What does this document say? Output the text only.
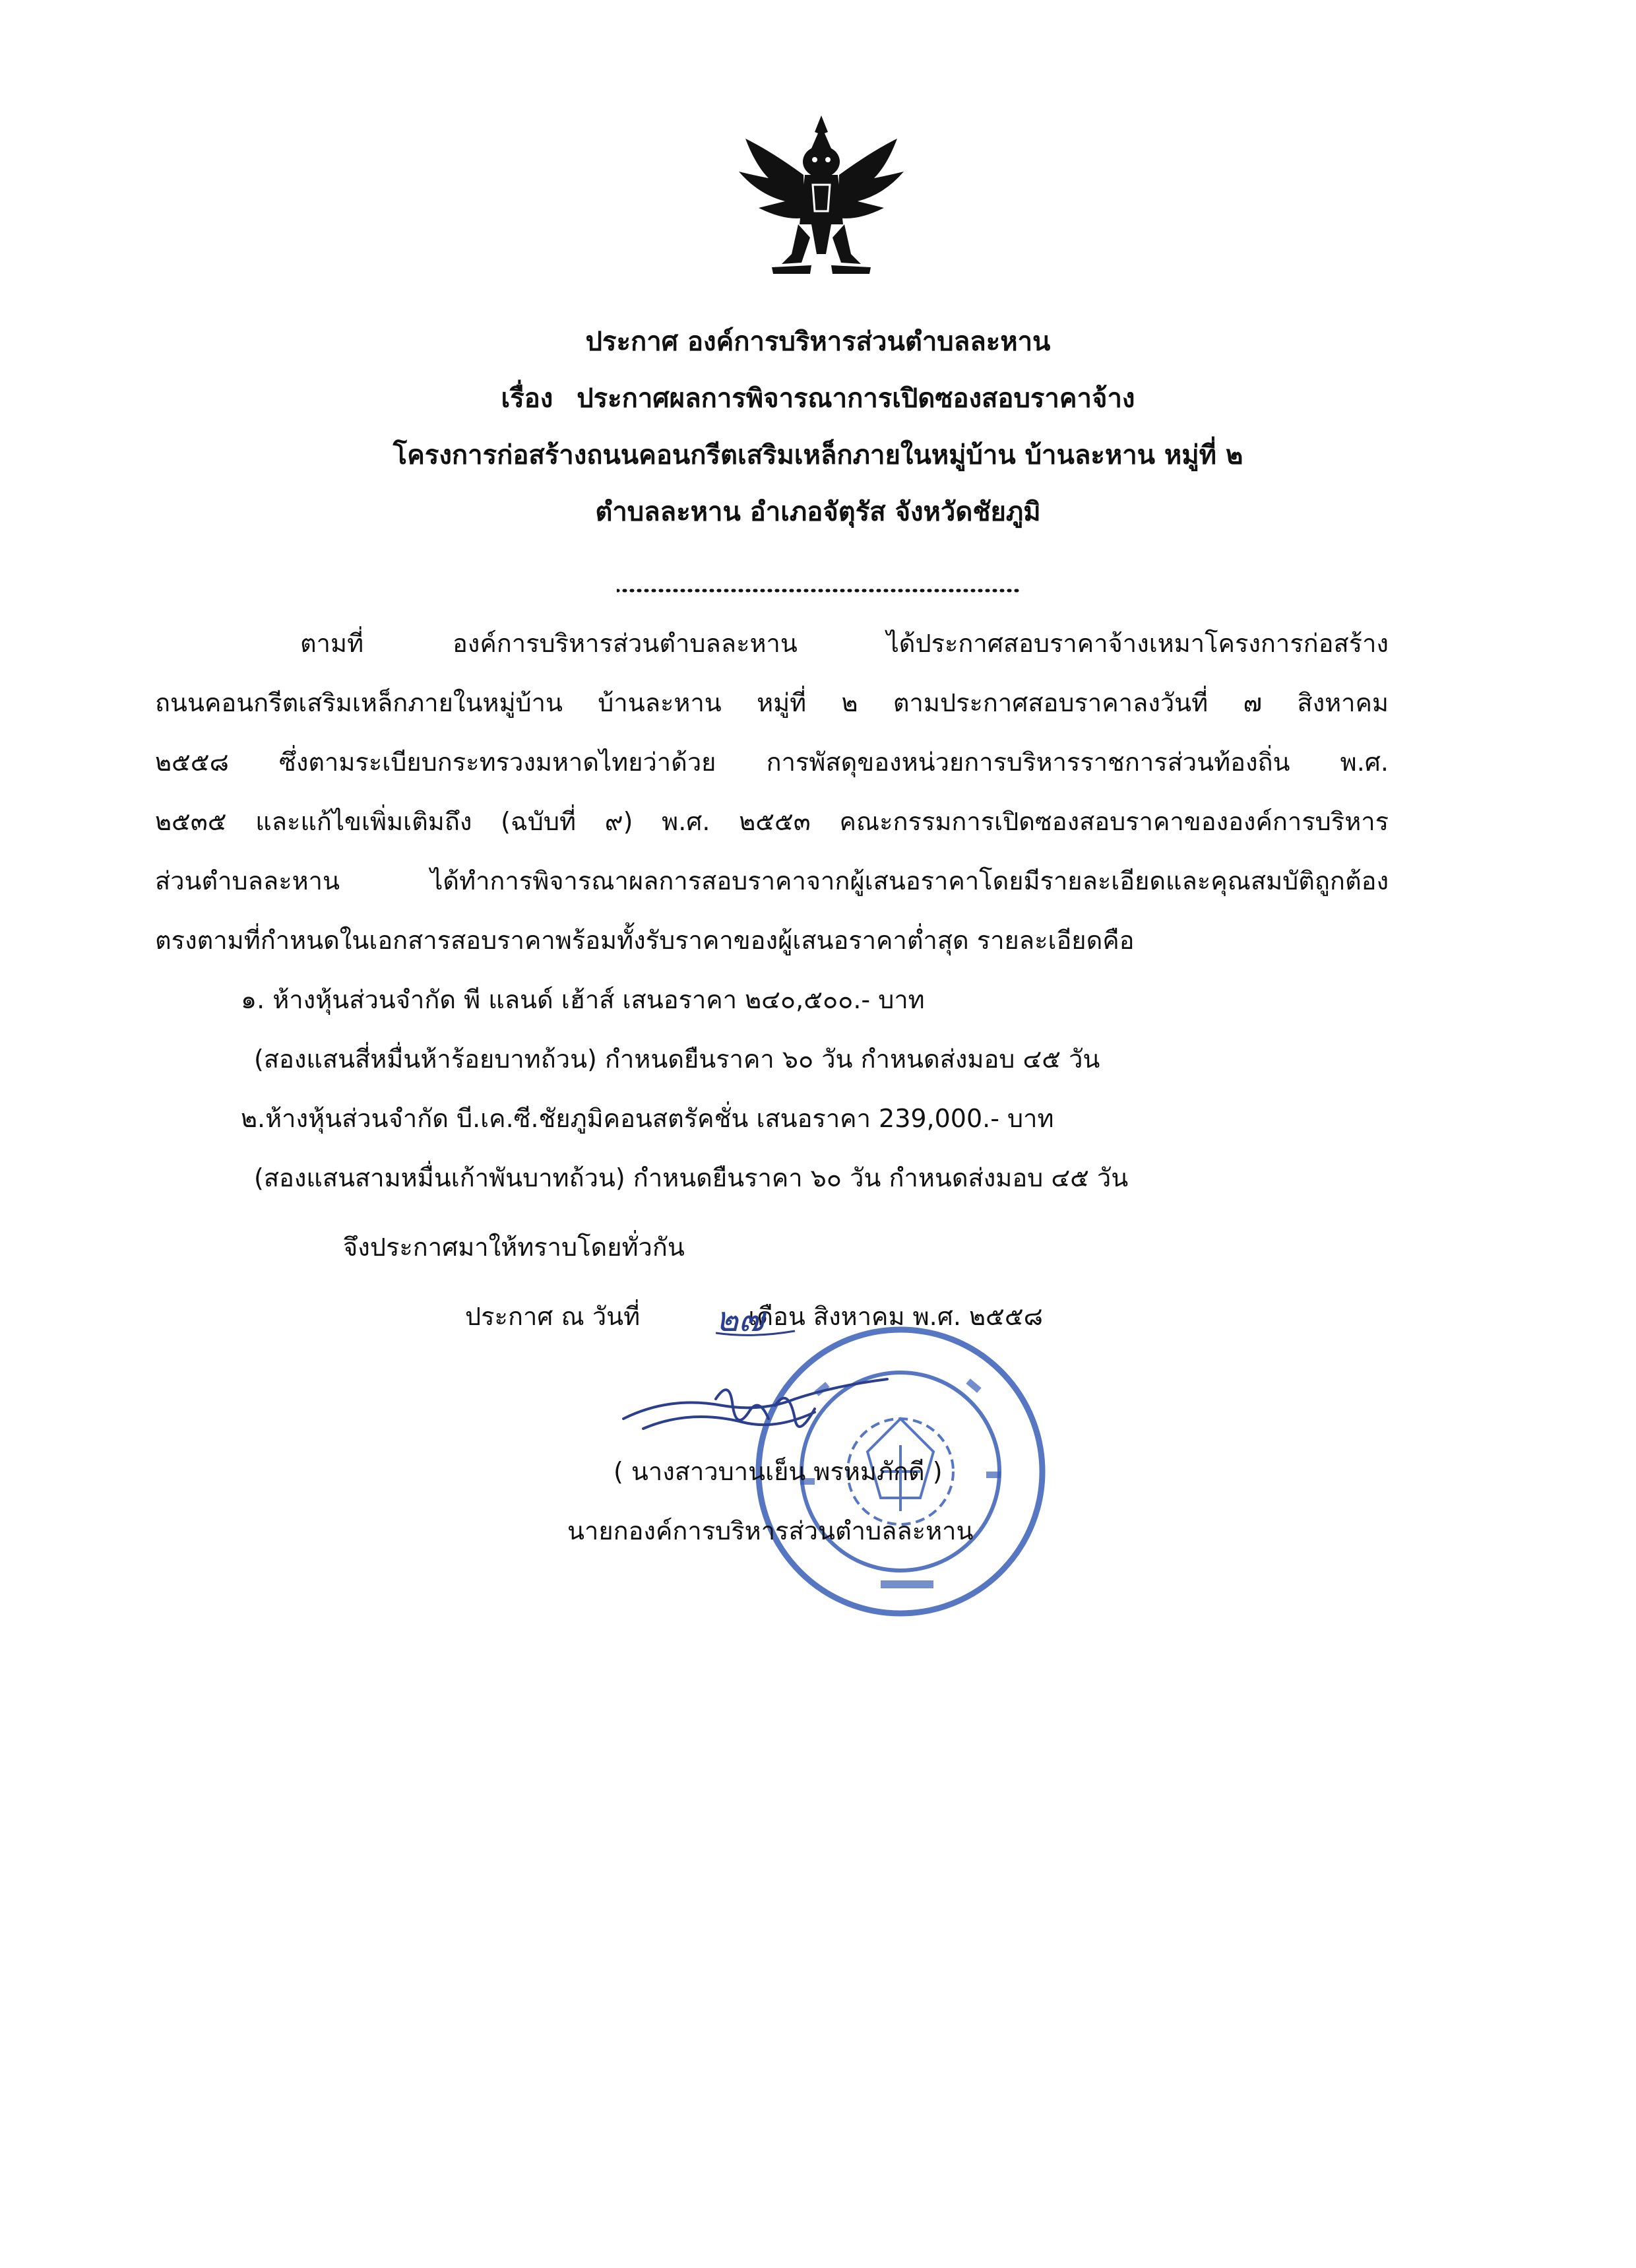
ประกาศ องค์การบริหารส่วนตำบลละหาน
เรื่อง ประกาศผลการพิจารณาการเปิดซองสอบราคาจ้าง
โครงการก่อสร้างถนนคอนกรีตเสริมเหล็กภายในหมู่บ้าน บ้านละหาน หมู่ที่ ๒
ตำบลละหาน อำเภอจัตุรัส จังหวัดชัยภูมิ
ตามที่ องค์การบริหารส่วนตำบลละหาน ได้ประกาศสอบราคาจ้างเหมาโครงการก่อสร้าง
ถนนคอนกรีตเสริมเหล็กภายในหมู่บ้าน บ้านละหาน หมู่ที่ ๒ ตามประกาศสอบราคาลงวันที่ ๗ สิงหาคม
๒๕๕๘ ซึ่งตามระเบียบกระทรวงมหาดไทยว่าด้วย การพัสดุของหน่วยการบริหารราชการส่วนท้องถิ่น พ.ศ.
๒๕๓๕ และแก้ไขเพิ่มเติมถึง (ฉบับที่ ๙) พ.ศ. ๒๕๕๓ คณะกรรมการเปิดซองสอบราคาขององค์การบริหาร
ส่วนตำบลละหาน ได้ทำการพิจารณาผลการสอบราคาจากผู้เสนอราคาโดยมีรายละเอียดและคุณสมบัติถูกต้อง
ตรงตามที่กำหนดในเอกสารสอบราคาพร้อมทั้งรับราคาของผู้เสนอราคาต่ำสุด รายละเอียดคือ
๑. ห้างหุ้นส่วนจำกัด พี แลนด์ เฮ้าส์ เสนอราคา ๒๔๐,๕๐๐.- บาท
(สองแสนสี่หมื่นห้าร้อยบาทถ้วน) กำหนดยืนราคา ๖๐ วัน กำหนดส่งมอบ ๔๕ วัน
๒.ห้างหุ้นส่วนจำกัด บี.เค.ซี.ชัยภูมิคอนสตรัคชั่น เสนอราคา 239,000.- บาท
(สองแสนสามหมื่นเก้าพันบาทถ้วน) กำหนดยืนราคา ๖๐ วัน กำหนดส่งมอบ ๔๕ วัน
จึงประกาศมาให้ทราบโดยทั่วกัน
ประกาศ ณ วันที่	เดือน สิงหาคม พ.ศ. ๒๕๕๘
๒๗
( นางสาวบานเย็น พรหมภักดี )
นายกองค์การบริหารส่วนตำบลละหาน
